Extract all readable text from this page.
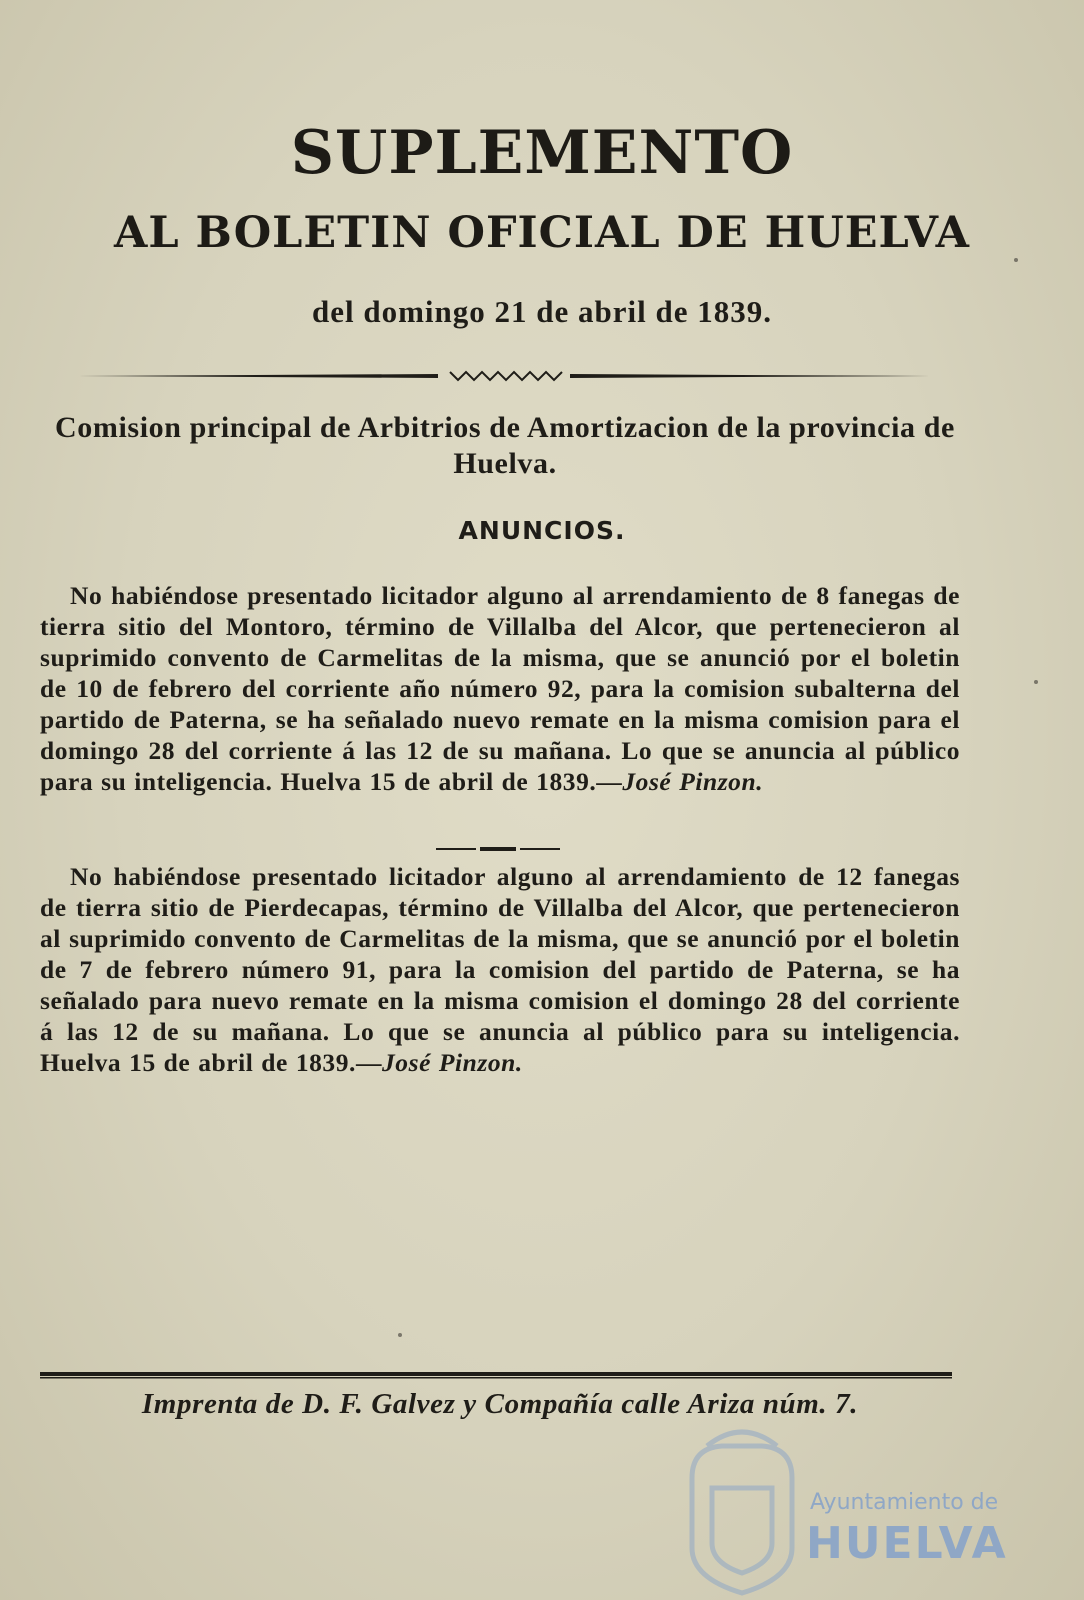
SUPLEMENTO
AL BOLETIN OFICIAL DE HUELVA
del domingo 21 de abril de 1839.
Comision principal de Arbitrios de Amortizacion de la provincia de Huelva.
ANUNCIOS.

No habiéndose presentado licitador alguno al arrendamiento de 8 fanegas de tierra sitio del Montoro, término de Villalba del Alcor, que pertenecieron al suprimido convento de Carmelitas de la misma, que se anunció por el boletin de 10 de febrero del corriente año número 92, para la comision subalterna del partido de Paterna, se ha señalado nuevo remate en la misma comision para el domingo 28 del corriente á las 12 de su mañana. Lo que se anuncia al público para su inteligencia. Huelva 15 de abril de 1839.—José Pinzon.

No habiéndose presentado licitador alguno al arrendamiento de 12 fanegas de tierra sitio de Pierdecapas, término de Villalba del Alcor, que pertenecieron al suprimido convento de Carmelitas de la misma, que se anunció por el boletin de 7 de febrero número 91, para la comision del partido de Paterna, se ha señalado para nuevo remate en la misma comision el domingo 28 del corriente á las 12 de su mañana. Lo que se anuncia al público para su inteligencia. Huelva 15 de abril de 1839.—José Pinzon.

Imprenta de D. F. Galvez y Compañía calle Ariza núm. 7.
Ayuntamiento de
HUELVA
